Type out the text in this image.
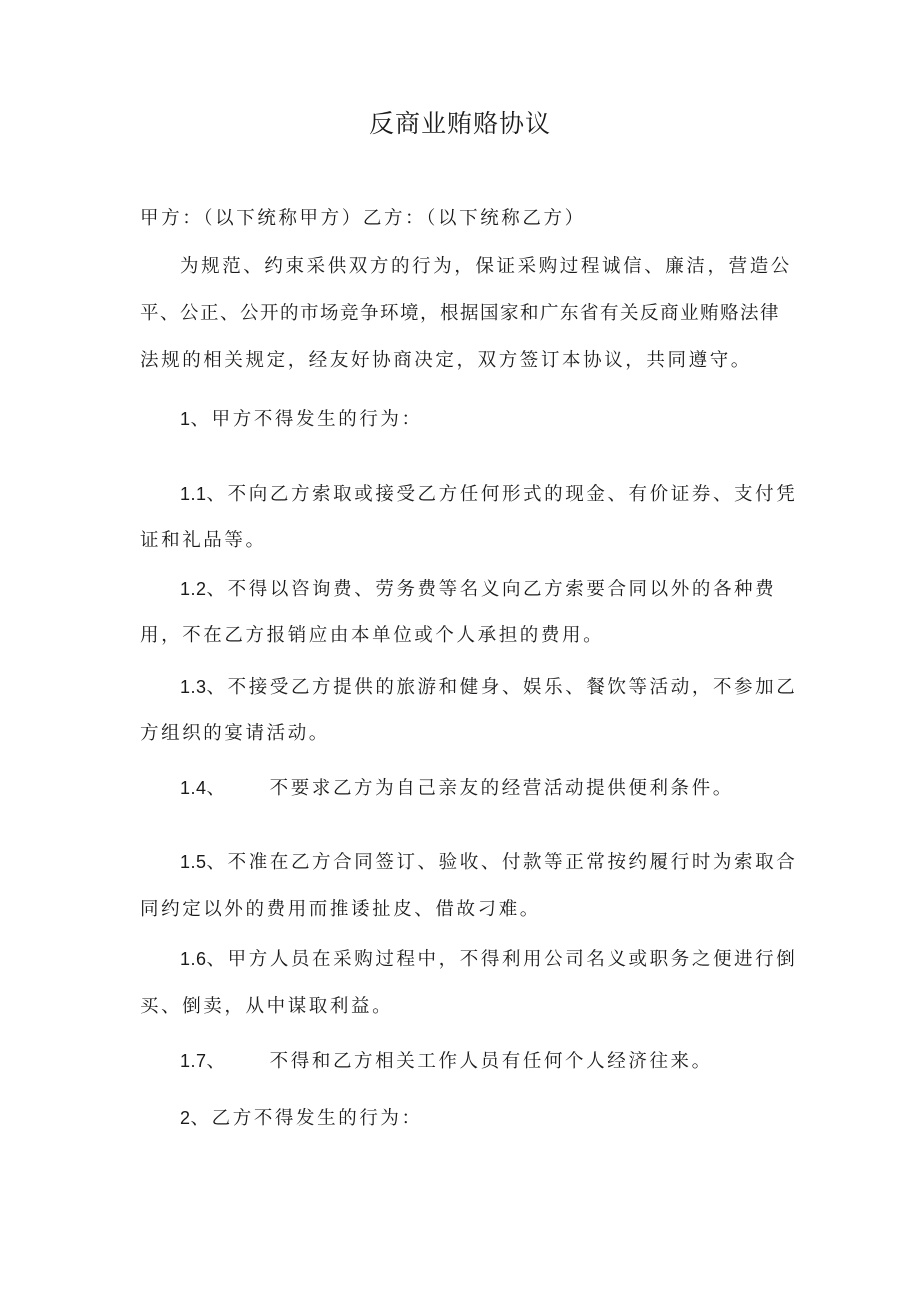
反商业贿赂协议
甲方：（以下统称甲方）乙方：（以下统称乙方）
为规范、约束采供双方的行为，保证采购过程诚信、廉洁，营造公
平、公正、公开的市场竞争环境，根据国家和广东省有关反商业贿赂法律
法规的相关规定，经友好协商决定，双方签订本协议，共同遵守。
1、甲方不得发生的行为：
1.1、不向乙方索取或接受乙方任何形式的现金、有价证券、支付凭
证和礼品等。
1.2、不得以咨询费、劳务费等名义向乙方索要合同以外的各种费
用，不在乙方报销应由本单位或个人承担的费用。
1.3、不接受乙方提供的旅游和健身、娱乐、餐饮等活动，不参加乙
方组织的宴请活动。
1.4、 不要求乙方为自己亲友的经营活动提供便利条件。
1.5、不准在乙方合同签订、验收、付款等正常按约履行时为索取合
同约定以外的费用而推诿扯皮、借故刁难。
1.6、甲方人员在采购过程中，不得利用公司名义或职务之便进行倒
买、倒卖，从中谋取利益。
1.7、 不得和乙方相关工作人员有任何个人经济往来。
2、乙方不得发生的行为：
